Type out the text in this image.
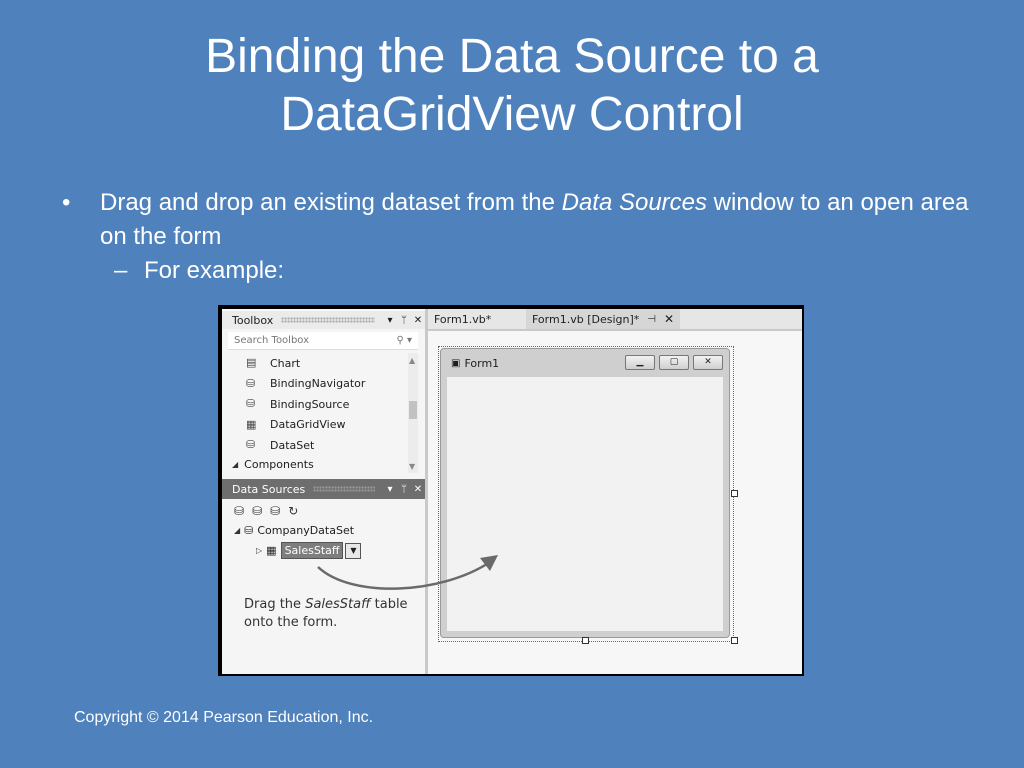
Binding the Data Source to a
DataGridView Control
•	Drag and drop an existing dataset from the Data Sources window to an open area on the form
– For example:
Toolbox	▾ ᛘ ✕
Search Toolbox	⚲ ▾
▤	Chart
⛁	BindingNavigator
⛁	BindingSource
▦	DataGridView
⛁	DataSet
◢ Components
▲
▼
Data Sources	▾ ᛘ ✕
⛁ ⛁ ⛁ ↻
◢ ⛁ CompanyDataSet
▷ ▦ SalesStaff	▼
Drag the SalesStaff table
onto the form.
Form1.vb*	Form1.vb [Design]* ⊣ ✕
▣ Form1	▁	▢	✕
Copyright © 2014 Pearson Education, Inc.
